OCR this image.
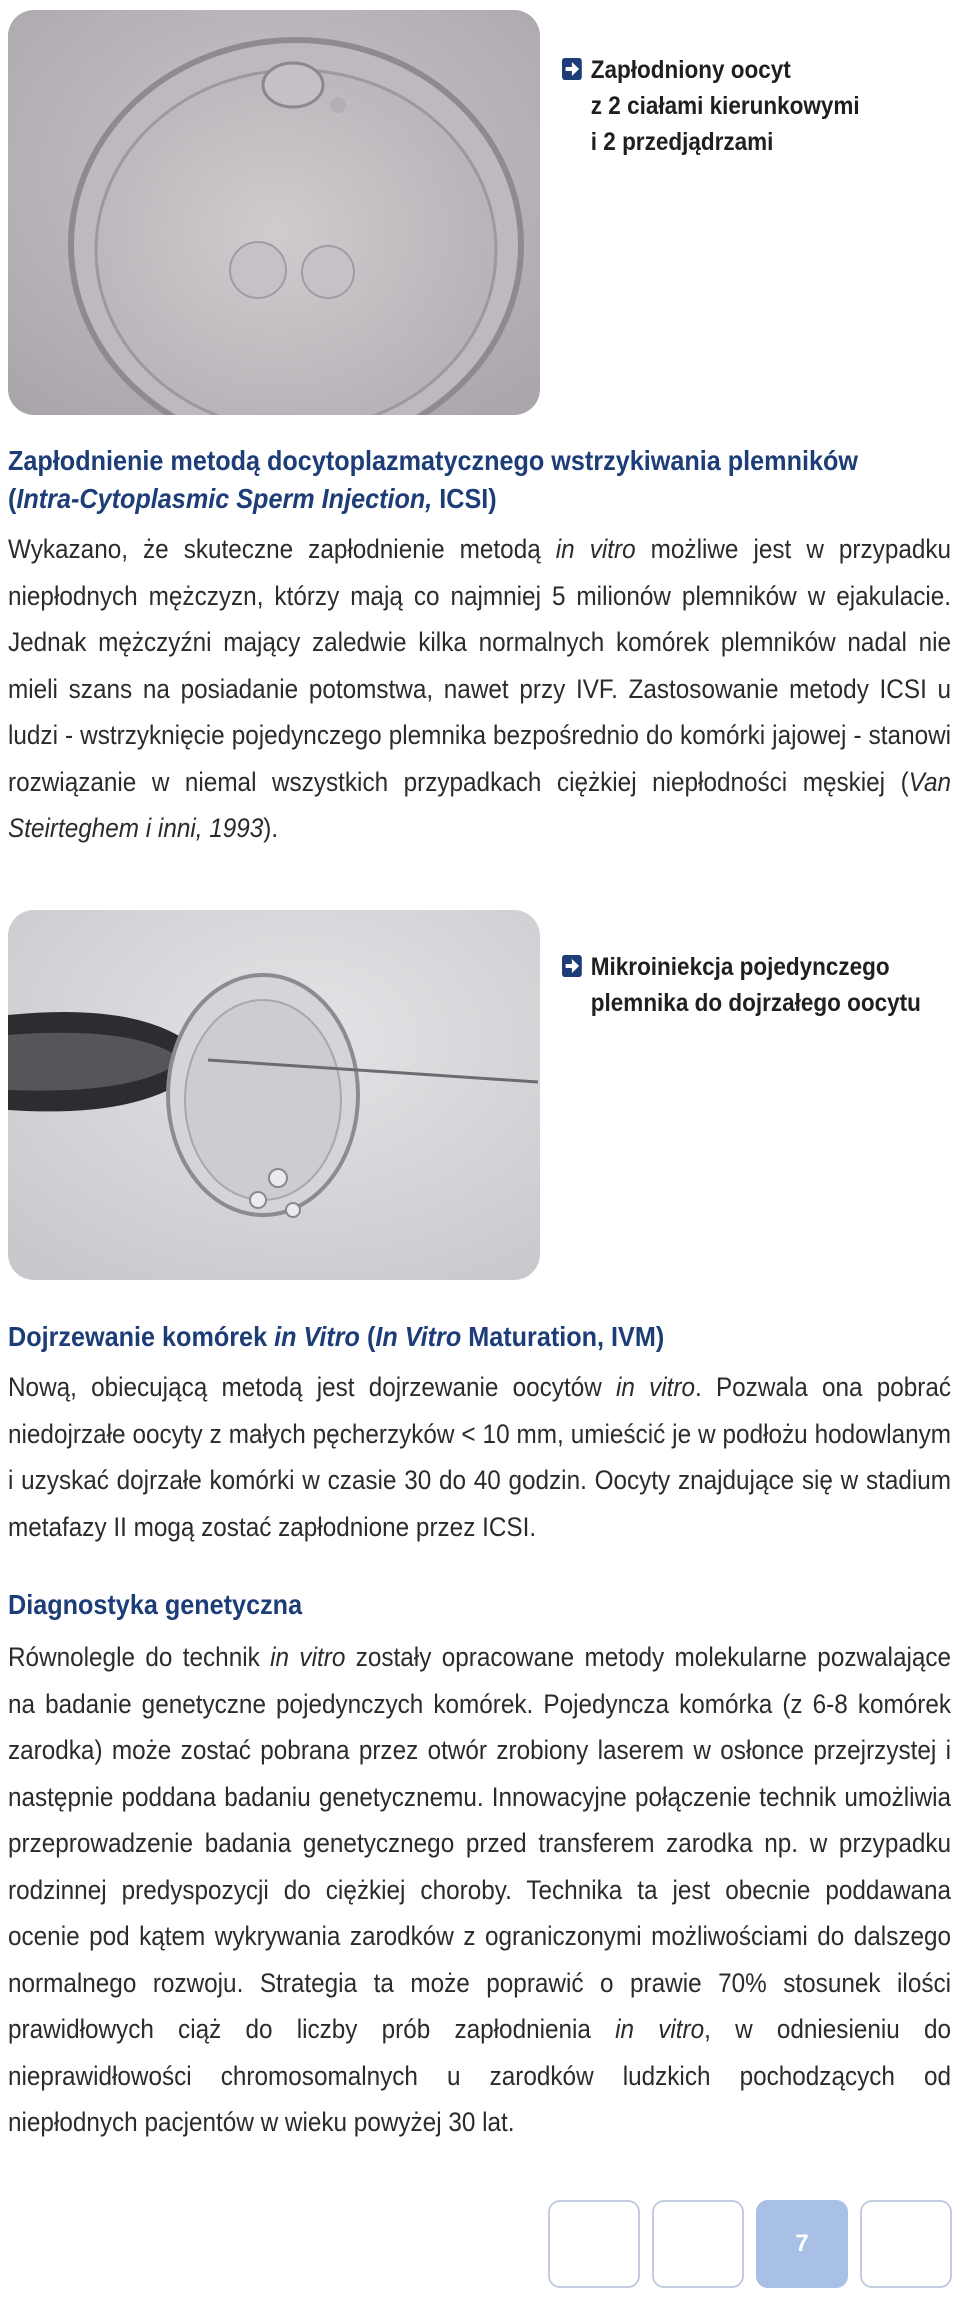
Zapłodniony oocyt
z 2 ciałami kierunkowymi
i 2 przedjądrzami
Zapłodnienie metodą docytoplazmatycznego wstrzykiwania plemników
(Intra-Cytoplasmic Sperm Injection, ICSI)
Wykazano, że skuteczne zapłodnienie metodą in vitro możliwe jest w przypadku niepłodnych mężczyzn, którzy mają co najmniej 5 milionów plemników w ejakulacie. Jednak mężczyźni mający zaledwie kilka normalnych komórek plemników nadal nie mieli szans na posiadanie potomstwa, nawet przy IVF. Zastosowanie metody ICSI u ludzi - wstrzyknięcie pojedynczego plemnika bezpośrednio do komórki jajowej - stanowi rozwiązanie w niemal wszystkich przypadkach ciężkiej niepłodności męskiej (Van Steirteghem i inni, 1993).
Mikroiniekcja pojedynczego
plemnika do dojrzałego oocytu
Dojrzewanie komórek in Vitro (In Vitro Maturation, IVM)
Nową, obiecującą metodą jest dojrzewanie oocytów in vitro. Pozwala ona pobrać niedojrzałe oocyty z małych pęcherzyków < 10 mm, umieścić je w podłożu hodowlanym i uzyskać dojrzałe komórki w czasie 30 do 40 godzin. Oocyty znajdujące się w stadium metafazy II mogą zostać zapłodnione przez ICSI.
Diagnostyka genetyczna
Równolegle do technik in vitro zostały opracowane metody molekularne pozwalające na badanie genetyczne pojedynczych komórek. Pojedyncza komórka (z 6-8 komórek zarodka) może zostać pobrana przez otwór zrobiony laserem w osłonce przejrzystej i następnie poddana badaniu genetycznemu. Innowacyjne połączenie technik umożliwia przeprowadzenie badania genetycznego przed transferem zarodka np. w przypadku rodzinnej predyspozycji do ciężkiej choroby. Technika ta jest obecnie poddawana ocenie pod kątem wykrywania zarodków z ograniczonymi możliwościami do dalszego normalnego rozwoju. Strategia ta może poprawić o prawie 70% stosunek ilości prawidłowych ciąż do liczby prób zapłodnienia in vitro, w odniesieniu do nieprawidłowości chromosomalnych u zarodków ludzkich pochodzących od niepłodnych pacjentów w wieku powyżej 30 lat.
7
